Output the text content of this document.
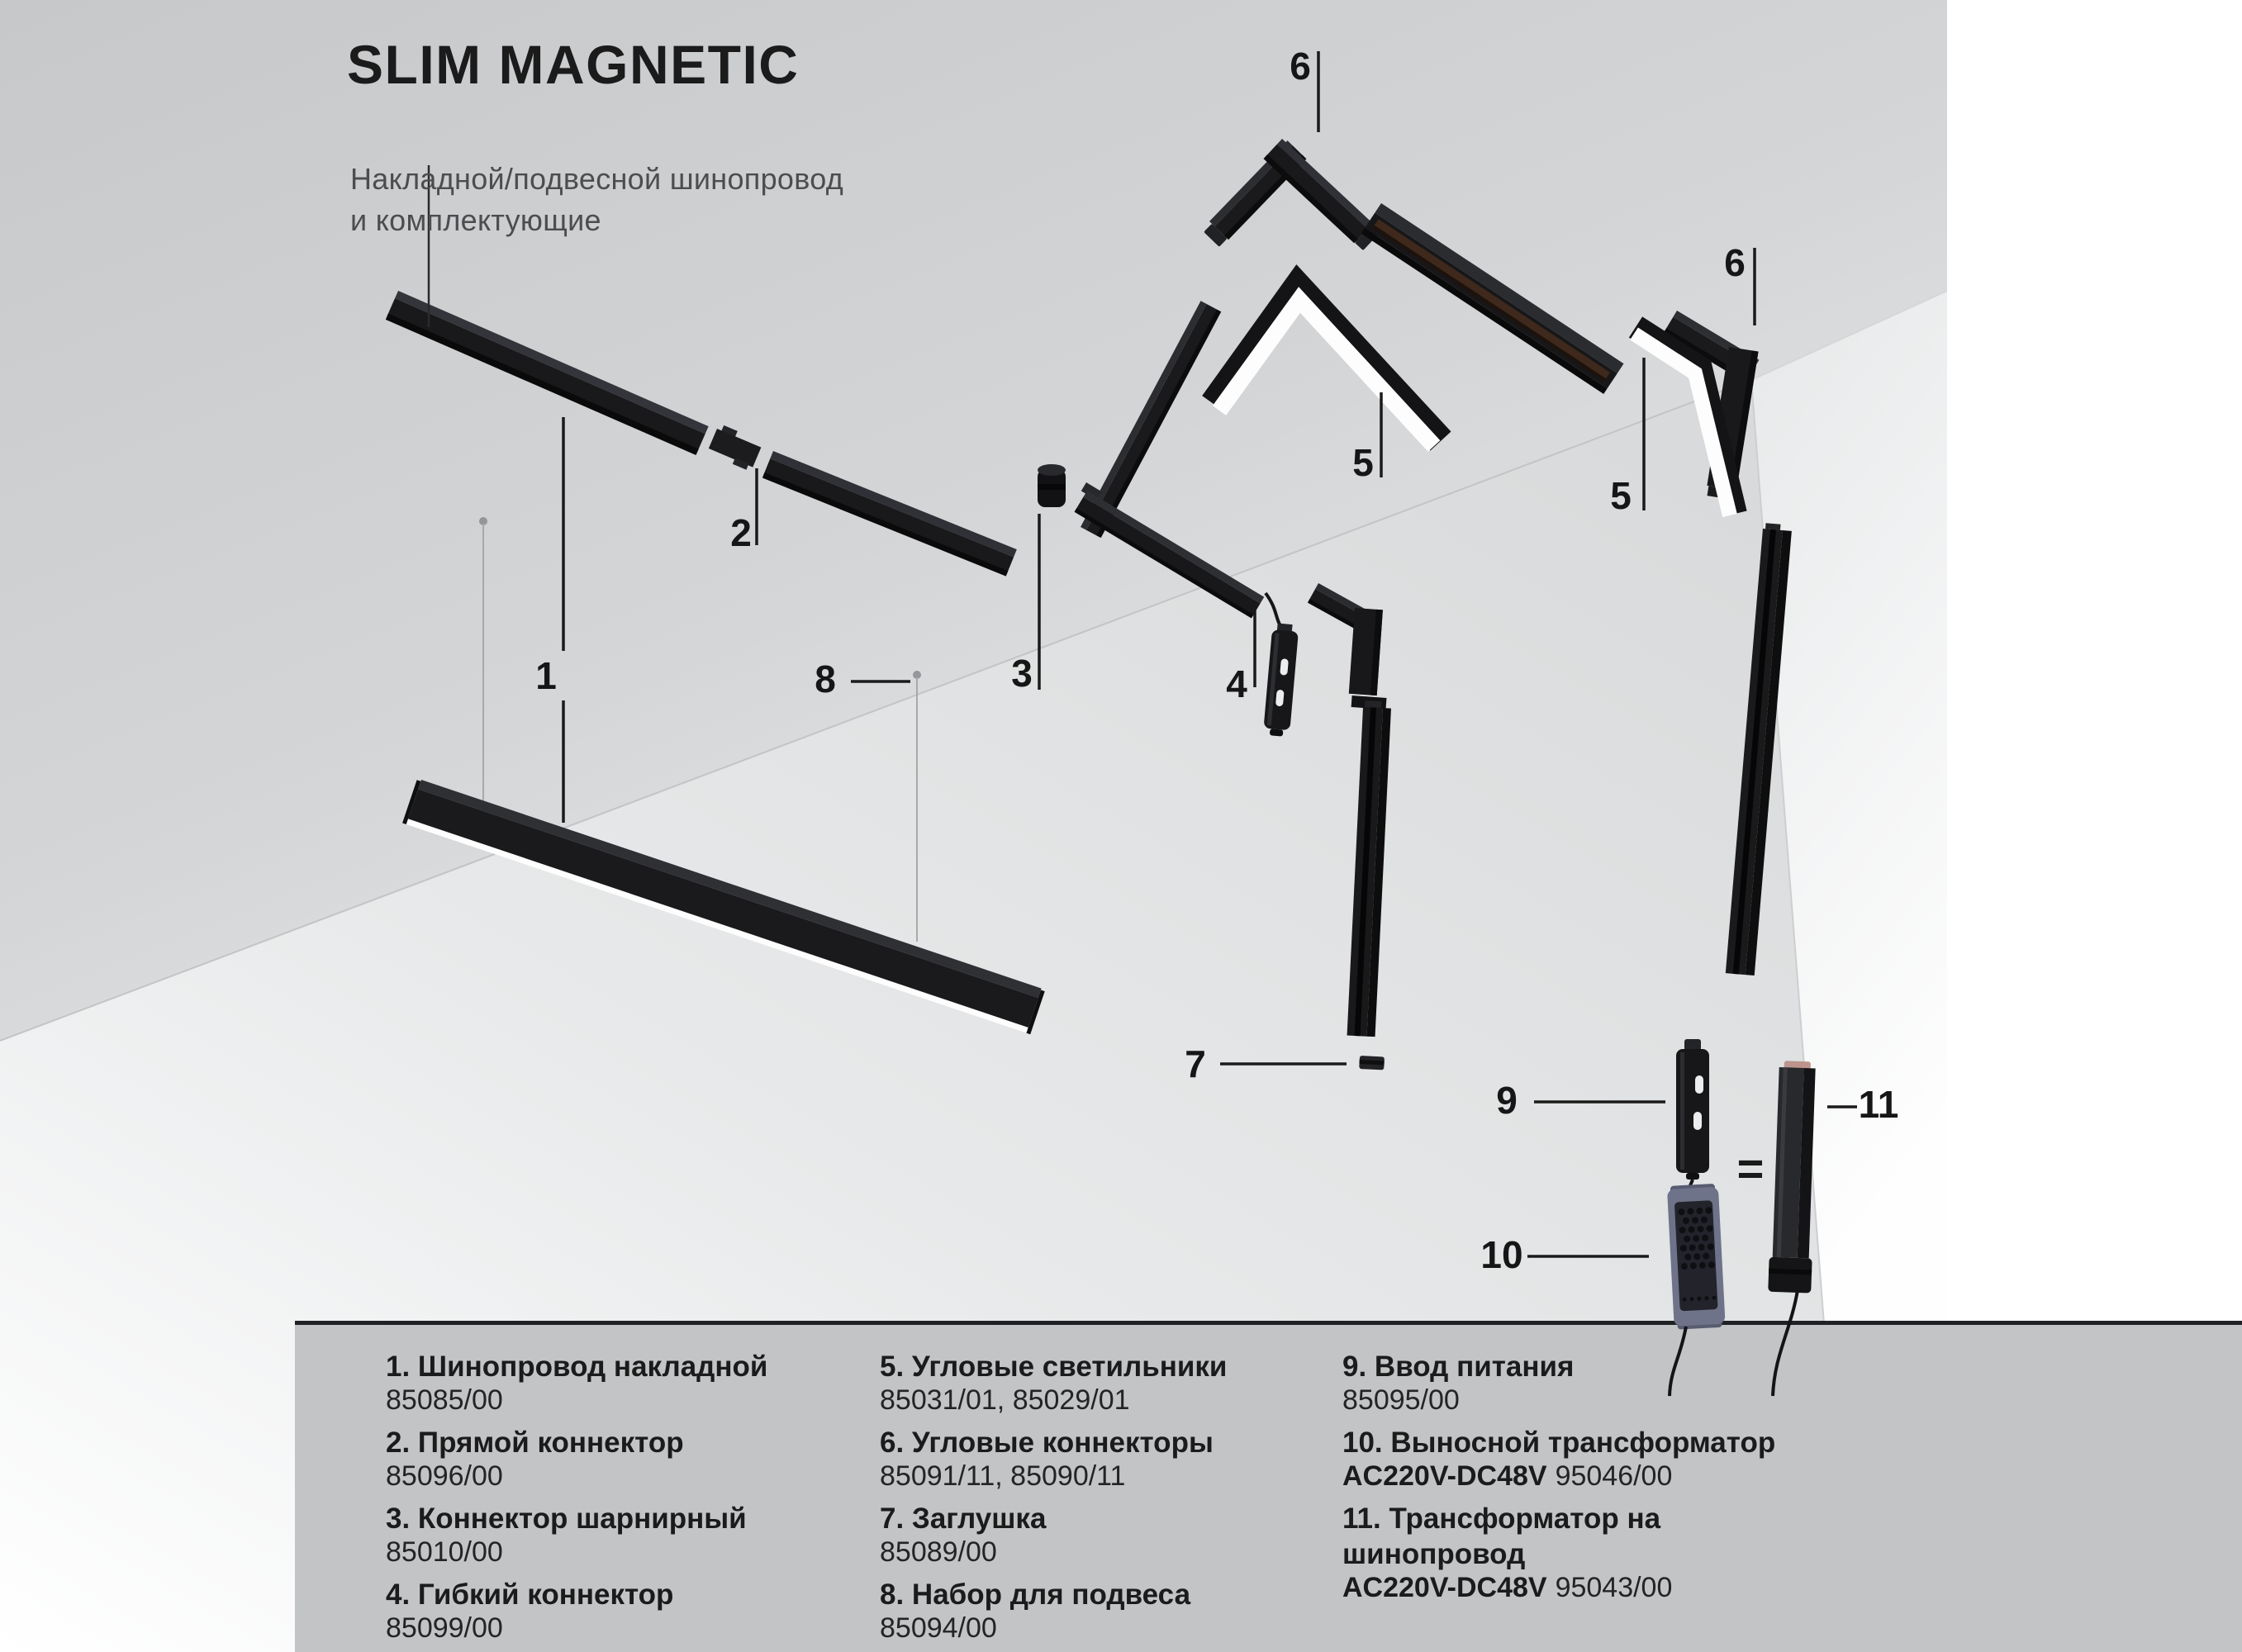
SLIM MAGNETIC
Накладной/подвесной шинопровод
и комплектующие
1
2
3	4
5
5
6
6
7
8
9
10
11
=
1. Шинопровод накладной
85085/00
2. Прямой коннектор
85096/00
3. Коннектор шарнирный
85010/00
4. Гибкий коннектор
85099/00
5. Угловые светильники
85031/01, 85029/01
6. Угловые коннекторы
85091/11, 85090/11
7. Заглушка
85089/00
8. Набор для подвеса
85094/00
9. Ввод питания
85095/00
10. Выносной трансформатор
AC220V-DC48V 95046/00
11. Трансформатор на шинопровод
AC220V-DC48V 95043/00
